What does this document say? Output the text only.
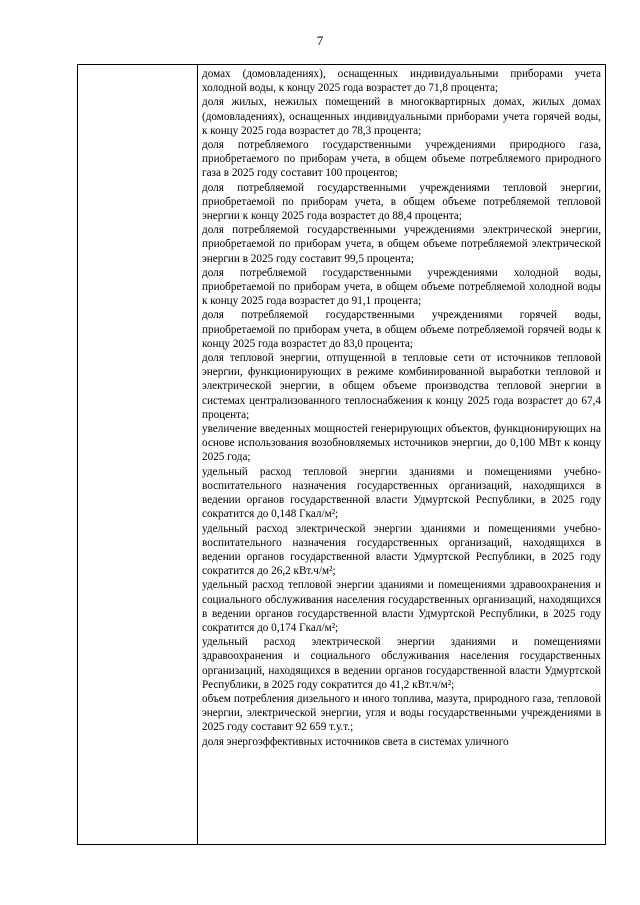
7

домах (домовладениях), оснащенных индивидуальными приборами учета холодной воды, к концу 2025 года возрастет до 71,8 процента;

доля жилых, нежилых помещений в многоквартирных домах, жилых домах (домовладениях), оснащенных индивидуальными приборами учета горячей воды, к концу 2025 года возрастет до 78,3 процента;

доля потребляемого государственными учреждениями природного газа, приобретаемого по приборам учета, в общем объеме потребляемого природного газа в 2025 году составит 100 процентов;

доля потребляемой государственными учреждениями тепловой энергии, приобретаемой по приборам учета, в общем объеме потребляемой тепловой энергии к концу 2025 года возрастет до 88,4 процента;

доля потребляемой государственными учреждениями электрической энергии, приобретаемой по приборам учета, в общем объеме потребляемой электрической энергии в 2025 году составит 99,5 процента;

доля потребляемой государственными учреждениями холодной воды, приобретаемой по приборам учета, в общем объеме потребляемой холодной воды к концу 2025 года возрастет до 91,1 процента;

доля потребляемой государственными учреждениями горячей воды, приобретаемой по приборам учета, в общем объеме потребляемой горячей воды к концу 2025 года возрастет до 83,0 процента;

доля тепловой энергии, отпущенной в тепловые сети от источников тепловой энергии, функционирующих в режиме комбинированной выработки тепловой и электрической энергии, в общем объеме производства тепловой энергии в системах централизованного теплоснабжения к концу 2025 года возрастет до 67,4 процента;

увеличение введенных мощностей генерирующих объектов, функционирующих на основе использования возобновляемых источников энергии, до 0,100 МВт к концу 2025 года;

удельный расход тепловой энергии зданиями и помещениями учебно-воспитательного назначения государственных организаций, находящихся в ведении органов государственной власти Удмуртской Республики, в 2025 году сократится до 0,148 Гкал/м²;

удельный расход электрической энергии зданиями и помещениями учебно-воспитательного назначения государственных организаций, находящихся в ведении органов государственной власти Удмуртской Республики, в 2025 году сократится до 26,2 кВт.ч/м²;

удельный расход тепловой энергии зданиями и помещениями здравоохранения и социального обслуживания населения государственных организаций, находящихся в ведении органов государственной власти Удмуртской Республики, в 2025 году сократится до 0,174 Гкал/м²;

удельный расход электрической энергии зданиями и помещениями здравоохранения и социального обслуживания населения государственных организаций, находящихся в ведении органов государственной власти Удмуртской Республики, в 2025 году сократится до 41,2 кВт.ч/м²;

объем потребления дизельного и иного топлива, мазута, природного газа, тепловой энергии, электрической энергии, угля и воды государственными учреждениями в 2025 году составит 92 659 т.у.т.;

доля энергоэффективных источников света в системах уличного
